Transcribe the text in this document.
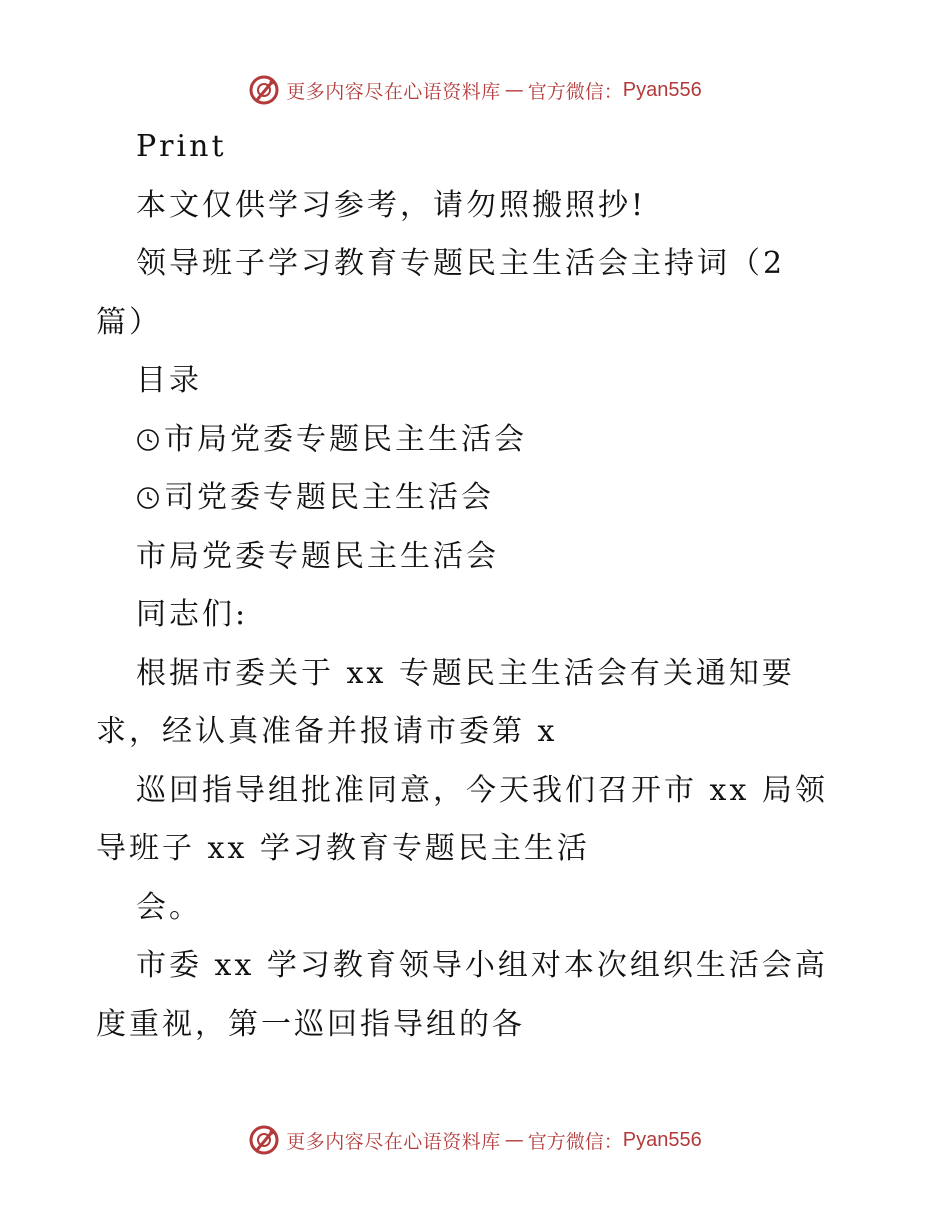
更多内容尽在心语资料库 — 官方微信： Pyan556
Print
本文仅供学习参考，请勿照搬照抄!
领导班子学习教育专题民主生活会主持词（2
篇）
目录
市局党委专题民主生活会
司党委专题民主生活会
市局党委专题民主生活会
同志们:
根据市委关于 xx 专题民主生活会有关通知要
求，经认真准备并报请市委第 x
巡回指导组批准同意，今天我们召开市 xx 局领
导班子 xx 学习教育专题民主生活
会。
市委 xx 学习教育领导小组对本次组织生活会高
度重视，第一巡回指导组的各
更多内容尽在心语资料库 — 官方微信： Pyan556
